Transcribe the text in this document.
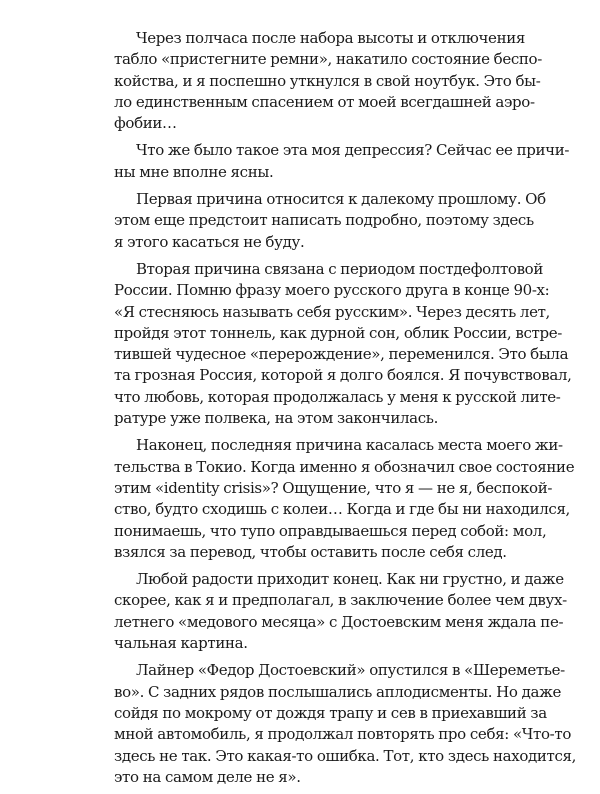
Через полчаса после набора высоты и отключения
табло «пристегните ремни», накатило состояние беспо-
койства, и я поспешно уткнулся в свой ноутбук. Это бы-
ло единственным спасением от моей всегдашней аэро-
фобии…
Что же было такое эта моя депрессия? Сейчас ее причи-
ны мне вполне ясны.
Первая причина относится к далекому прошлому. Об
этом еще предстоит написать подробно, поэтому здесь
я этого касаться не буду.
Вторая причина связана с периодом постдефолтовой
России. Помню фразу моего русского друга в конце 90-х:
«Я стесняюсь называть себя русским». Через десять лет,
пройдя этот тоннель, как дурной сон, облик России, встре-
тившей чудесное «перерождение», переменился. Это была
та грозная Россия, которой я долго боялся. Я почувствовал,
что любовь, которая продолжалась у меня к русской лите-
ратуре уже полвека, на этом закончилась.
Наконец, последняя причина касалась места моего жи-
тельства в Токио. Когда именно я обозначил свое состояние
этим «identity crisis»? Ощущение, что я — не я, беспокой-
ство, будто сходишь с колеи… Когда и где бы ни находился,
понимаешь, что тупо оправдываешься перед собой: мол,
взялся за перевод, чтобы оставить после себя след.
Любой радости приходит конец. Как ни грустно, и даже
скорее, как я и предполагал, в заключение более чем двух-
летнего «медового месяца» с Достоевским меня ждала пе-
чальная картина.
Лайнер «Федор Достоевский» опустился в «Шереметье-
во». С задних рядов послышались аплодисменты. Но даже
сойдя по мокрому от дождя трапу и сев в приехавший за
мной автомобиль, я продолжал повторять про себя: «Что-то
здесь не так. Это какая-то ошибка. Тот, кто здесь находится,
это на самом деле не я».
